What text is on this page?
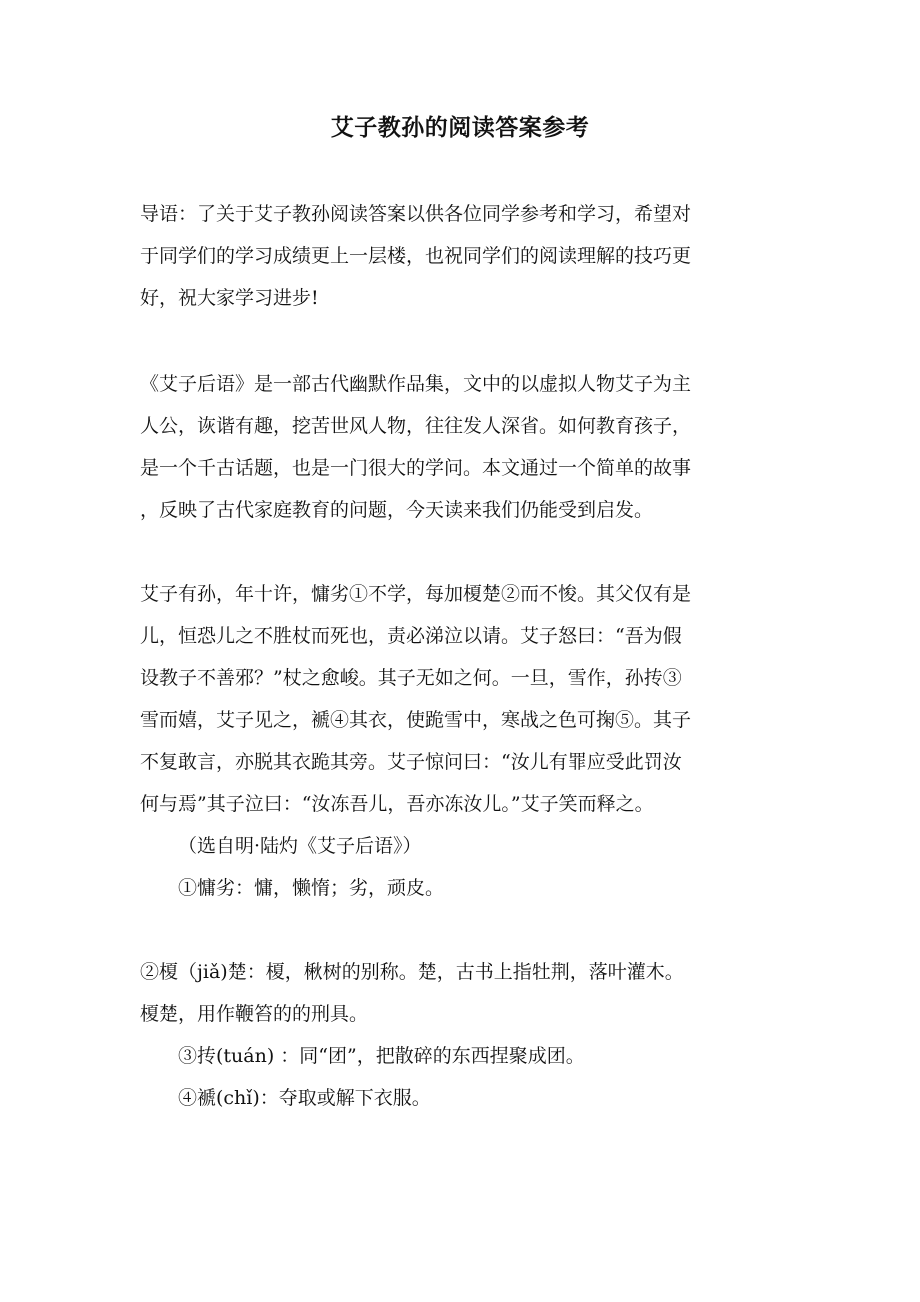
艾子教孙的阅读答案参考

导语：了关于艾子教孙阅读答案以供各位同学参考和学习，希望对
于同学们的学习成绩更上一层楼，也祝同学们的阅读理解的技巧更
好，祝大家学习进步!

《艾子后语》是一部古代幽默作品集，文中的以虚拟人物艾子为主
人公，诙谐有趣，挖苦世风人物，往往发人深省。如何教育孩子，
是一个千古话题，也是一门很大的学问。本文通过一个简单的故事
，反映了古代家庭教育的问题，今天读来我们仍能受到启发。

艾子有孙，年十许，慵劣①不学，每加榎楚②而不悛。其父仅有是
儿，恒恐儿之不胜杖而死也，责必涕泣以请。艾子怒曰：“吾为假
设教子不善邪？”杖之愈峻。其子无如之何。一旦，雪作，孙抟③
雪而嬉，艾子见之，褫④其衣，使跪雪中，寒战之色可掬⑤。其子
不复敢言，亦脱其衣跪其旁。艾子惊问曰：“汝儿有罪应受此罚汝
何与焉”其子泣曰：“汝冻吾儿，吾亦冻汝儿。”艾子笑而释之。
（选自明·陆灼《艾子后语》）
①慵劣：慵，懒惰；劣，顽皮。

②榎（jiǎ)楚：榎，楸树的别称。楚，古书上指牡荆，落叶灌木。
榎楚，用作鞭笞的的刑具。
③抟(tuán) ：同“团”，把散碎的东西捏聚成团。
④褫(chǐ)：夺取或解下衣服。
